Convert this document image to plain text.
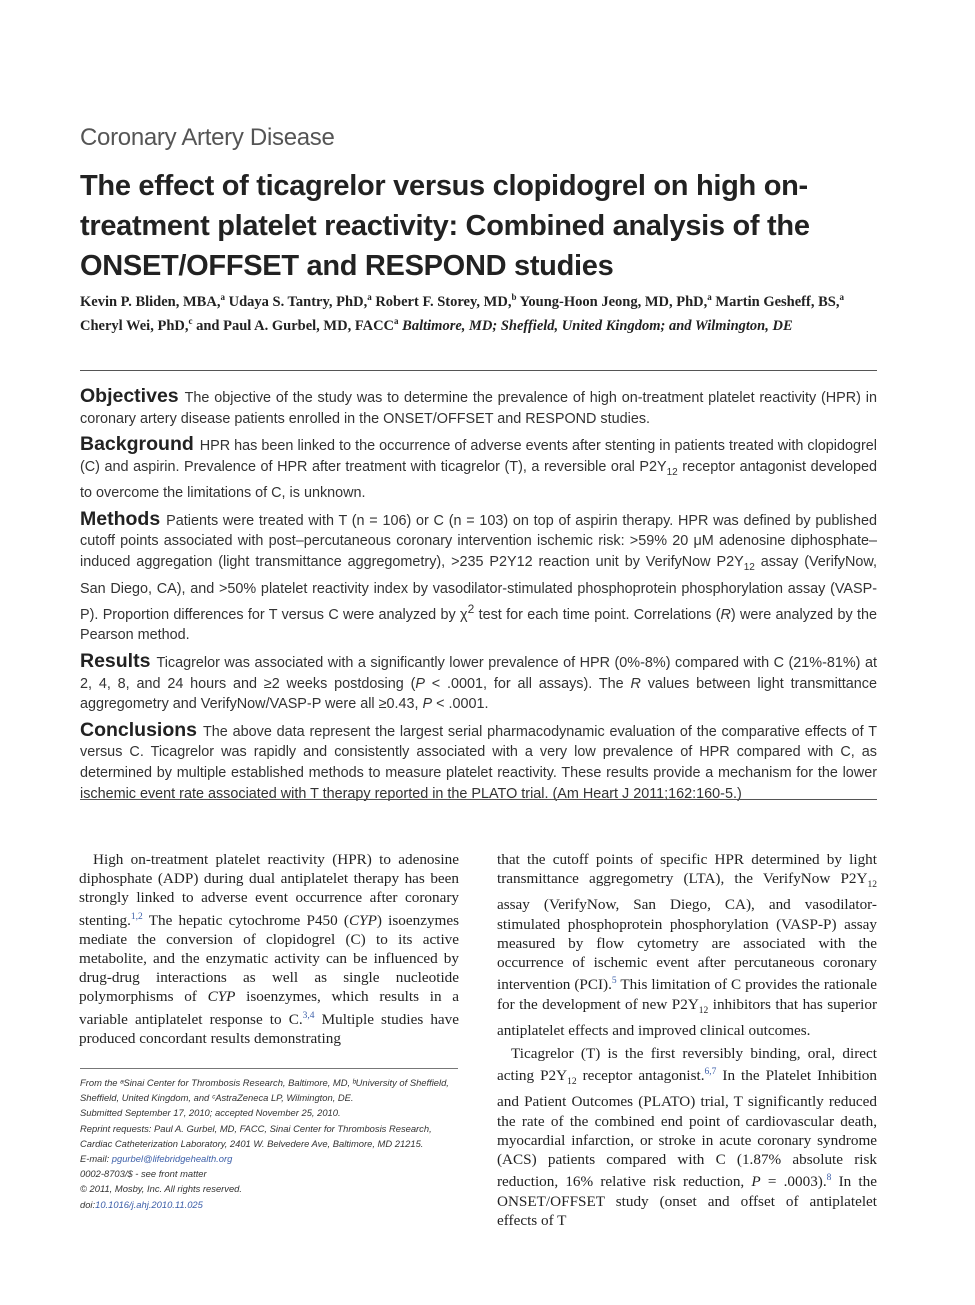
Coronary Artery Disease
The effect of ticagrelor versus clopidogrel on high on-treatment platelet reactivity: Combined analysis of the ONSET/OFFSET and RESPOND studies
Kevin P. Bliden, MBA,$^a$ Udaya S. Tantry, PhD,$^a$ Robert F. Storey, MD,$^b$ Young-Hoon Jeong, MD, PhD,$^a$ Martin Gesheff, BS,$^a$ Cheryl Wei, PhD,$^c$ and Paul A. Gurbel, MD, FACC$^a$ Baltimore, MD; Sheffield, United Kingdom; and Wilmington, DE

Objectives The objective of the study was to determine the prevalence of high on-treatment platelet reactivity (HPR) in coronary artery disease patients enrolled in the ONSET/OFFSET and RESPOND studies.

Background HPR has been linked to the occurrence of adverse events after stenting in patients treated with clopidogrel (C) and aspirin. Prevalence of HPR after treatment with ticagrelor (T), a reversible oral $P2Y_{12}$ receptor antagonist developed to overcome the limitations of C, is unknown.

Methods Patients were treated with T (n = 106) or C (n = 103) on top of aspirin therapy. HPR was defined by published cutoff points associated with post–percutaneous coronary intervention ischemic risk: >59% 20 μM adenosine diphosphate–induced aggregation (light transmittance aggregometry), >235 P2Y12 reaction unit by VerifyNow $P2Y_{12}$ assay (VerifyNow, San Diego, CA), and >50% platelet reactivity index by vasodilator-stimulated phosphoprotein phosphorylation assay (VASP-P). Proportion differences for T versus C were analyzed by $\chi^2$ test for each time point. Correlations (R) were analyzed by the Pearson method.

Results Ticagrelor was associated with a significantly lower prevalence of HPR (0%-8%) compared with C (21%-81%) at 2, 4, 8, and 24 hours and ≥2 weeks postdosing (P < .0001, for all assays). The R values between light transmittance aggregometry and VerifyNow/VASP-P were all ≥0.43, P < .0001.

Conclusions The above data represent the largest serial pharmacodynamic evaluation of the comparative effects of T versus C. Ticagrelor was rapidly and consistently associated with a very low prevalence of HPR compared with C, as determined by multiple established methods to measure platelet reactivity. These results provide a mechanism for the lower ischemic event rate associated with T therapy reported in the PLATO trial. (Am Heart J 2011;162:160-5.)

High on-treatment platelet reactivity (HPR) to adenosine diphosphate (ADP) during dual antiplatelet therapy has been strongly linked to adverse event occurrence after coronary stenting.$^{1,2}$ The hepatic cytochrome P450 (CYP) isoenzymes mediate the conversion of clopidogrel (C) to its active metabolite, and the enzymatic activity can be influenced by drug-drug interactions as well as single nucleotide polymorphisms of CYP isoenzymes, which results in a variable antiplatelet response to C.$^{3,4}$ Multiple studies have produced concordant results demonstrating

that the cutoff points of specific HPR determined by light transmittance aggregometry (LTA), the VerifyNow $P2Y_{12}$ assay (VerifyNow, San Diego, CA), and vasodilator-stimulated phosphoprotein phosphorylation (VASP-P) assay measured by flow cytometry are associated with the occurrence of ischemic event after percutaneous coronary intervention (PCI).$^5$ This limitation of C provides the rationale for the development of new $P2Y_{12}$ inhibitors that has superior antiplatelet effects and improved clinical outcomes.

Ticagrelor (T) is the first reversibly binding, oral, direct acting $P2Y_{12}$ receptor antagonist.$^{6,7}$ In the Platelet Inhibition and Patient Outcomes (PLATO) trial, T significantly reduced the rate of the combined end point of cardiovascular death, myocardial infarction, or stroke in acute coronary syndrome (ACS) patients compared with C (1.87% absolute risk reduction, 16% relative risk reduction, P = .0003).$^8$ In the ONSET/OFFSET study (onset and offset of antiplatelet effects of T

From the ᵃSinai Center for Thrombosis Research, Baltimore, MD, ᵇUniversity of Sheffield,
Sheffield, United Kingdom, and ᶜAstraZeneca LP, Wilmington, DE.
Submitted September 17, 2010; accepted November 25, 2010.
Reprint requests: Paul A. Gurbel, MD, FACC, Sinai Center for Thrombosis Research,
Cardiac Catheterization Laboratory, 2401 W. Belvedere Ave, Baltimore, MD 21215.
E-mail: pgurbel@lifebridgehealth.org
0002-8703/$ - see front matter
© 2011, Mosby, Inc. All rights reserved.
doi:10.1016/j.ahj.2010.11.025
